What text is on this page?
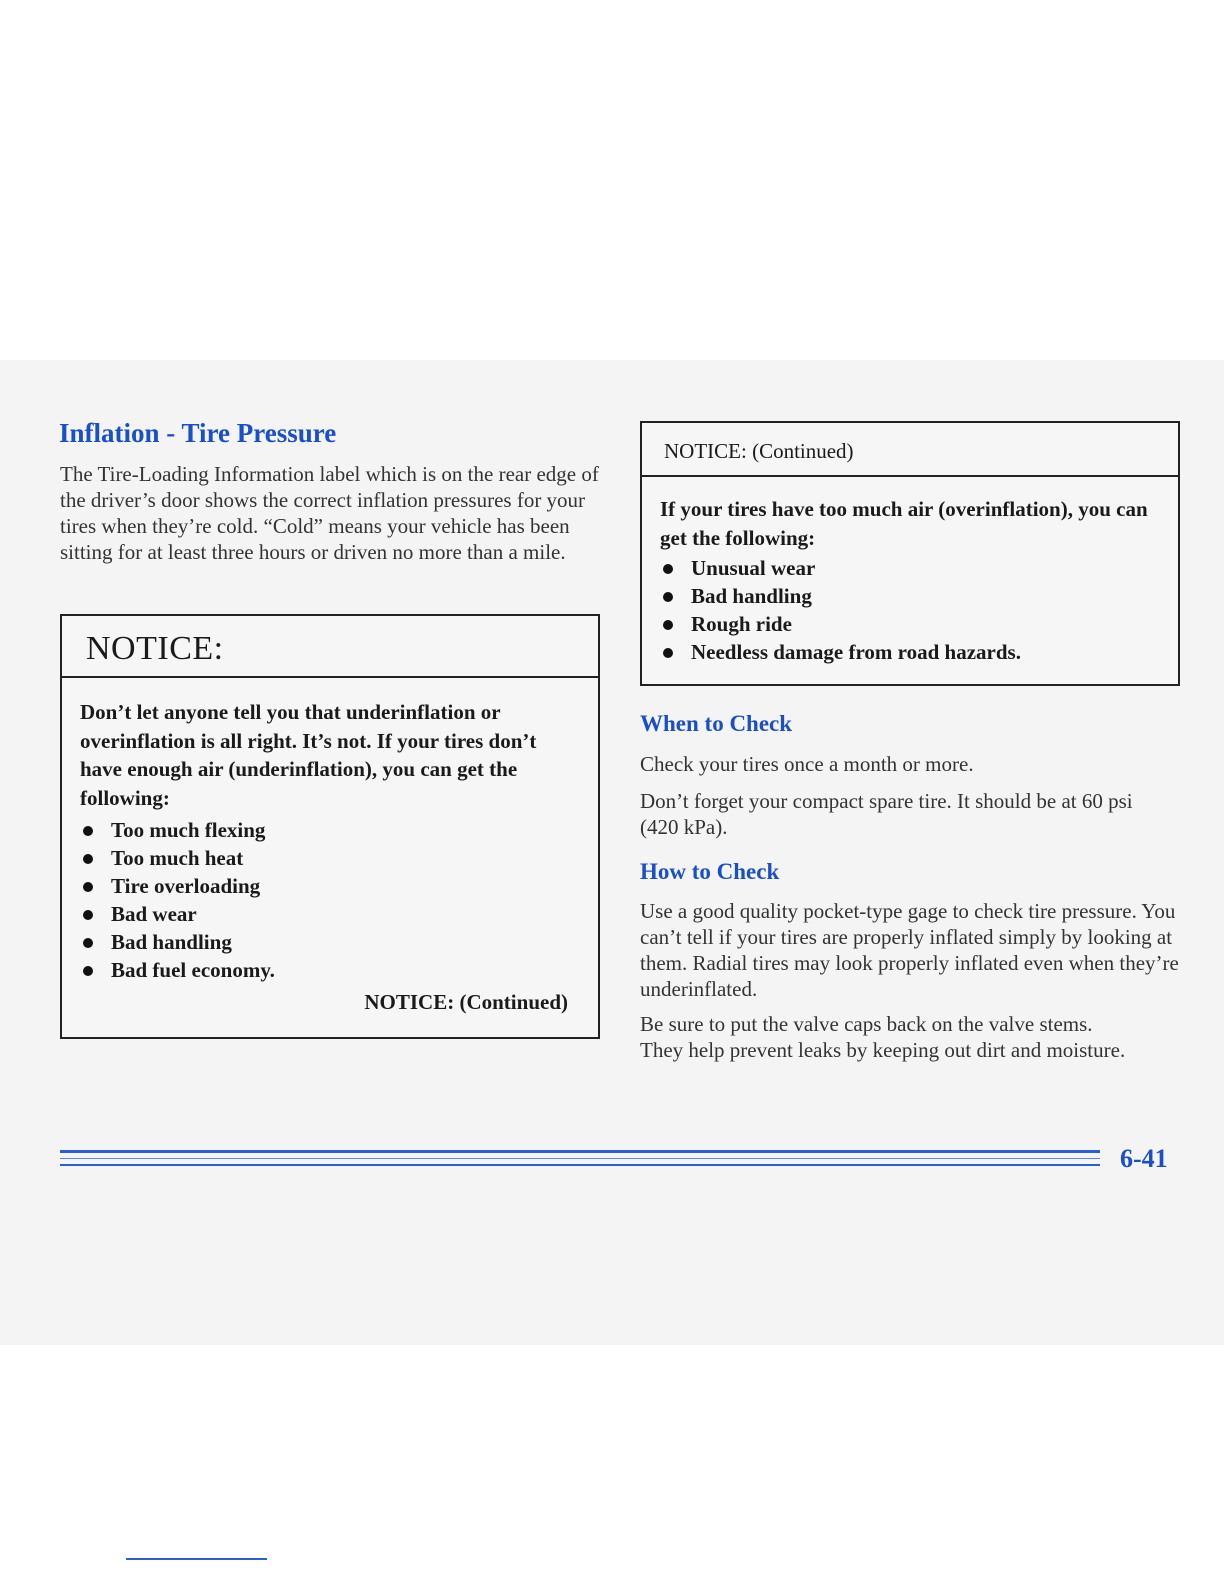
Inflation - Tire Pressure

The Tire-Loading Information label which is on the rear edge of the driver’s door shows the correct inflation pressures for your tires when they’re cold. “Cold” means your vehicle has been sitting for at least three hours or driven no more than a mile.

NOTICE:

Don’t let anyone tell you that underinflation or overinflation is all right. It’s not. If your tires don’t have enough air (underinflation), you can get the following:

Too much flexing
Too much heat
Tire overloading
Bad wear
Bad handling
Bad fuel economy.
NOTICE: (Continued)
NOTICE: (Continued)

If your tires have too much air (overinflation), you can get the following:

Unusual wear
Bad handling
Rough ride
Needless damage from road hazards.
When to Check

Check your tires once a month or more.

Don’t forget your compact spare tire. It should be at 60 psi (420 kPa).

How to Check

Use a good quality pocket-type gage to check tire pressure. You can’t tell if your tires are properly inflated simply by looking at them. Radial tires may look properly inflated even when they’re underinflated.

Be sure to put the valve caps back on the valve stems. They help prevent leaks by keeping out dirt and moisture.

6-41
